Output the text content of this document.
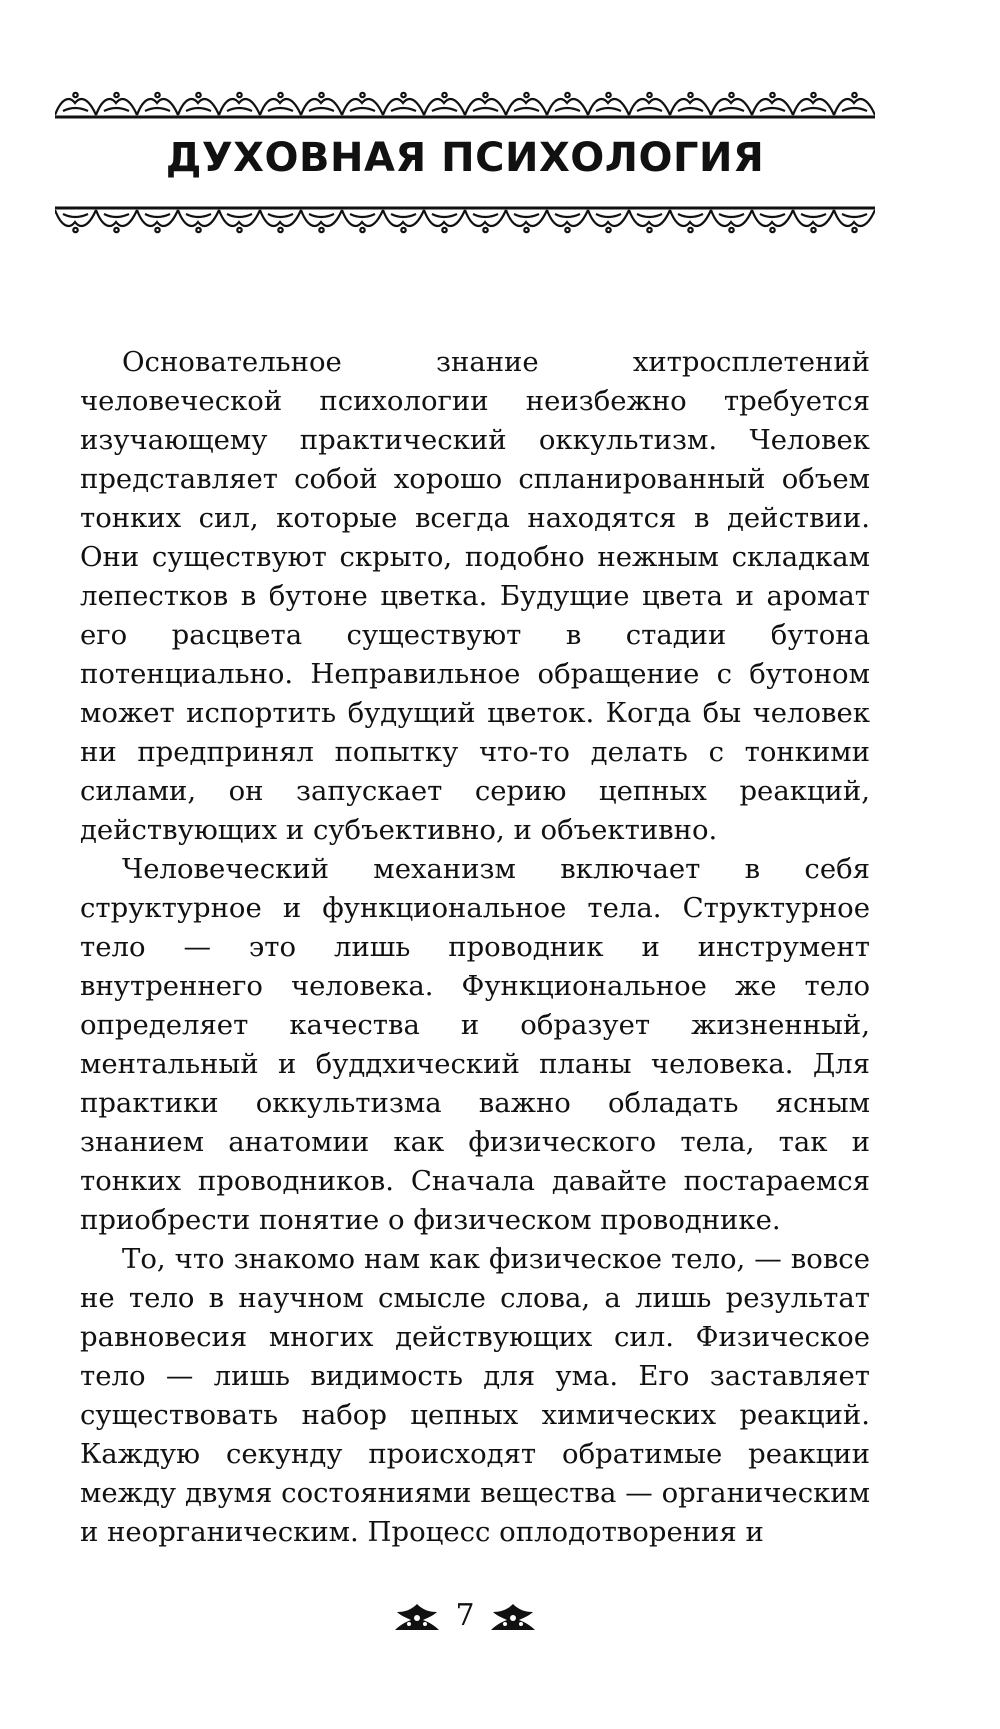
ДУХОВНАЯ ПСИХОЛОГИЯ

Основательное знание хитросплетений человеческой психологии неизбежно требуется изучающему практический оккультизм. Человек представляет собой хорошо спланированный объем тонких сил, которые всегда находятся в действии. Они существуют скрыто, подобно нежным складкам лепестков в бутоне цветка. Будущие цвета и аромат его расцвета существуют в стадии бутона потенциально. Неправильное обращение с бутоном может испортить будущий цветок. Когда бы человек ни предпринял попытку что-то делать с тонкими силами, он запускает серию цепных реакций, действующих и субъективно, и объективно.

Человеческий механизм включает в себя структурное и функциональное тела. Структурное тело — это лишь проводник и инструмент внутреннего человека. Функциональное же тело определяет качества и образует жизненный, ментальный и буддхический планы человека. Для практики оккультизма важно обладать ясным знанием анатомии как физического тела, так и тонких проводников. Сначала давайте постараемся приобрести понятие о физическом проводнике.

То, что знакомо нам как физическое тело, — вовсе не тело в научном смысле слова, а лишь результат равновесия многих действующих сил. Физическое тело — лишь видимость для ума. Его заставляет существовать набор цепных химических реакций. Каждую секунду происходят обратимые реакции между двумя состояниями вещества — органическим и неорганическим. Процесс оплодотворения и

7
